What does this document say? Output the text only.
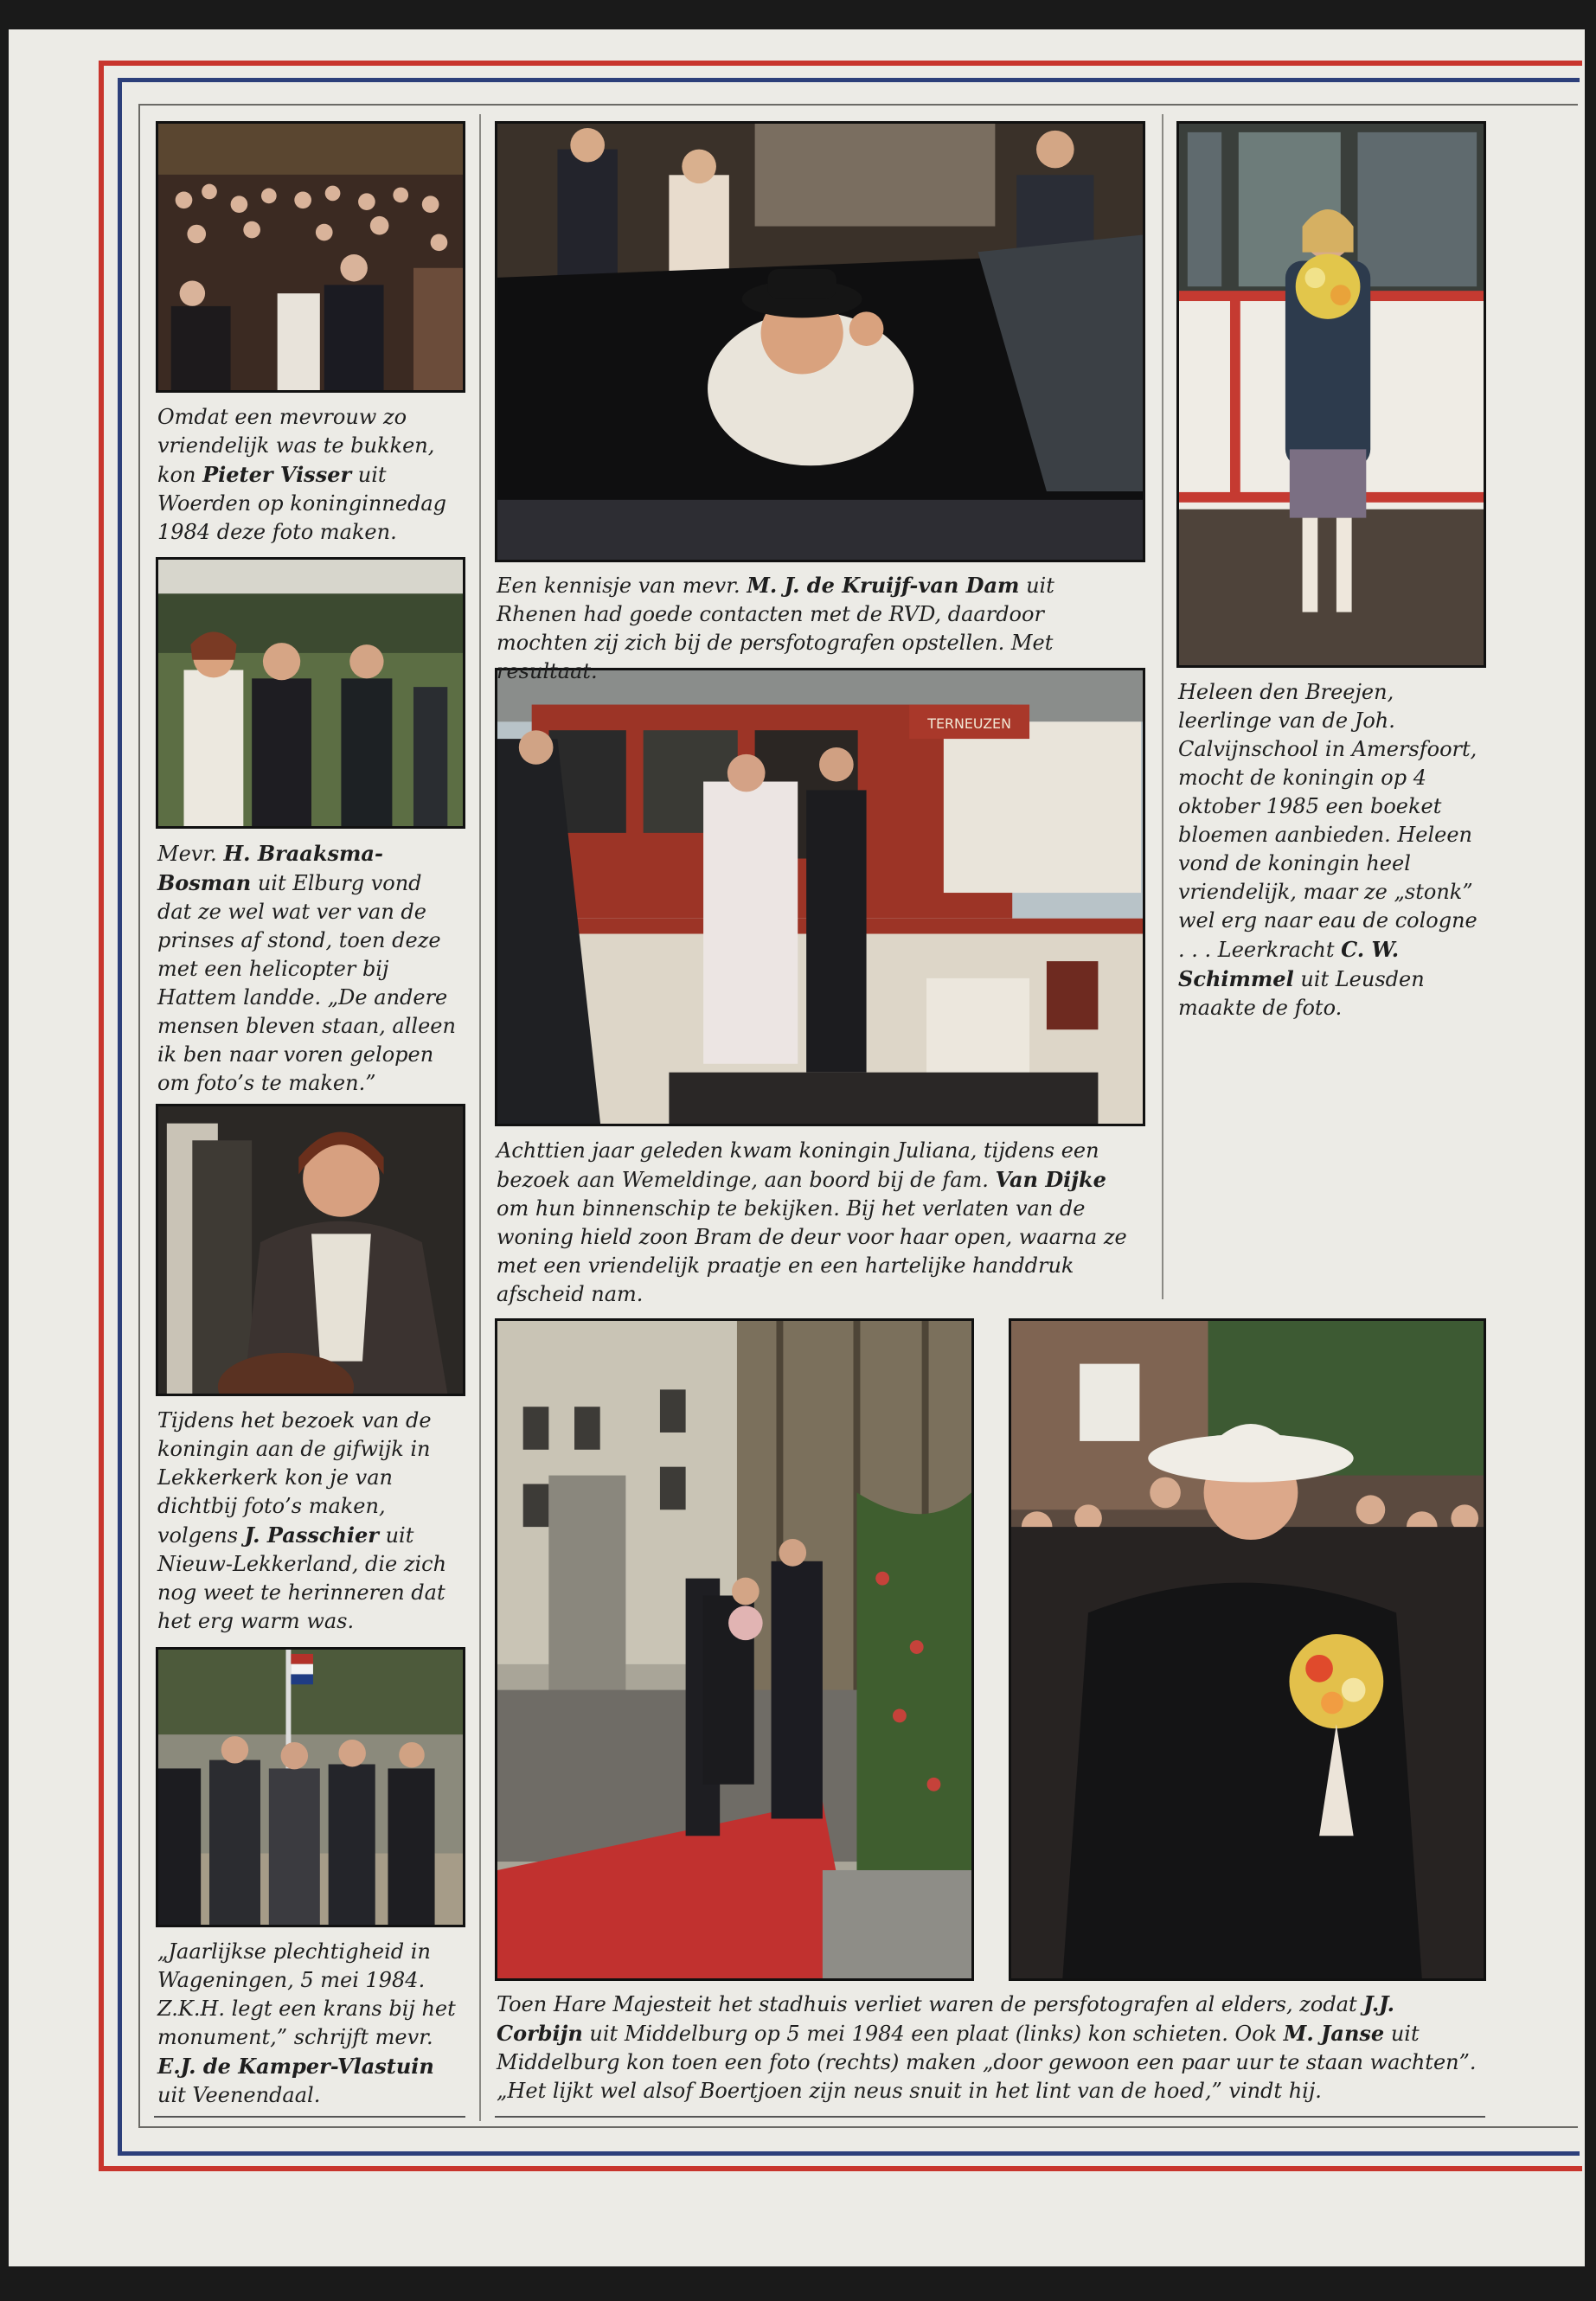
TERNEUZEN

Omdat een mevrouw zo vriendelijk was te bukken, kon Pieter Visser uit Woerden op koninginnedag 1984 deze foto maken.

Een kennisje van mevr. M. J. de Kruijf-van Dam uit Rhenen had goede contacten met de RVD, daardoor mochten zij zich bij de persfotografen opstellen. Met resultaat.

Heleen den Breejen, leerlinge van de Joh. Calvijnschool in Amersfoort, mocht de koningin op 4 oktober 1985 een boeket bloemen aanbieden. Heleen vond de koningin heel vriendelijk, maar ze „stonk” wel erg naar eau de cologne . . . Leerkracht C. W. Schimmel uit Leusden maakte de foto.

Mevr. H. Braaksma-Bosman uit Elburg vond dat ze wel wat ver van de prinses af stond, toen deze met een helicopter bij Hattem landde. „De andere mensen bleven staan, alleen ik ben naar voren gelopen om foto’s te maken.”

Achttien jaar geleden kwam koningin Juliana, tijdens een bezoek aan Wemeldinge, aan boord bij de fam. Van Dijke om hun binnenschip te bekijken. Bij het verlaten van de woning hield zoon Bram de deur voor haar open, waarna ze met een vriendelijk praatje en een hartelijke handdruk afscheid nam.

Tijdens het bezoek van de koningin aan de gifwijk in Lekkerkerk kon je van dichtbij foto’s maken, volgens J. Passchier uit Nieuw-Lekkerland, die zich nog weet te herinneren dat het erg warm was.

„Jaarlijkse plechtigheid in Wageningen, 5 mei 1984. Z.K.H. legt een krans bij het monument,” schrijft mevr. E.J. de Kamper-Vlastuin uit Veenendaal.

Toen Hare Majesteit het stadhuis verliet waren de persfotografen al elders, zodat J.J. Corbijn uit Middelburg op 5 mei 1984 een plaat (links) kon schieten. Ook M. Janse uit Middelburg kon toen een foto (rechts) maken „door gewoon een paar uur te staan wachten”. „Het lijkt wel alsof Boertjoen zijn neus snuit in het lint van de hoed,” vindt hij.
